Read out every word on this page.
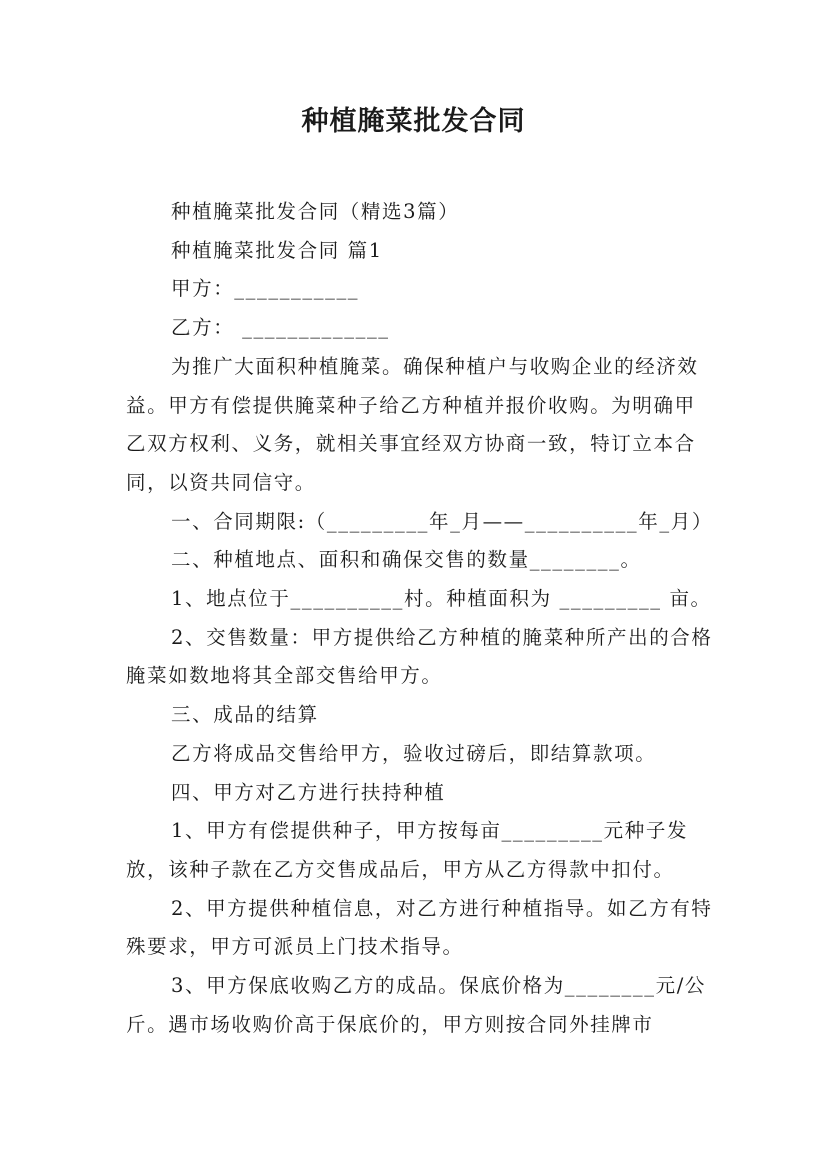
种植腌菜批发合同

种植腌菜批发合同（精选3篇）

种植腌菜批发合同 篇1

甲方：___________

乙方： _____________

为推广大面积种植腌菜。确保种植户与收购企业的经济效益。甲方有偿提供腌菜种子给乙方种植并报价收购。为明确甲乙双方权利、义务，就相关事宜经双方协商一致，特订立本合同，以资共同信守。

一、合同期限:（_________年_月——__________年_月）

二、种植地点、面积和确保交售的数量________。

1、地点位于__________村。种植面积为 _________ 亩。

2、交售数量：甲方提供给乙方种植的腌菜种所产出的合格腌菜如数地将其全部交售给甲方。

三、成品的结算

乙方将成品交售给甲方，验收过磅后，即结算款项。

四、甲方对乙方进行扶持种植

1、甲方有偿提供种子，甲方按每亩_________元种子发放，该种子款在乙方交售成品后，甲方从乙方得款中扣付。

2、甲方提供种植信息，对乙方进行种植指导。如乙方有特殊要求，甲方可派员上门技术指导。

3、甲方保底收购乙方的成品。保底价格为________元/公斤。遇市场收购价高于保底价的，甲方则按合同外挂牌市
